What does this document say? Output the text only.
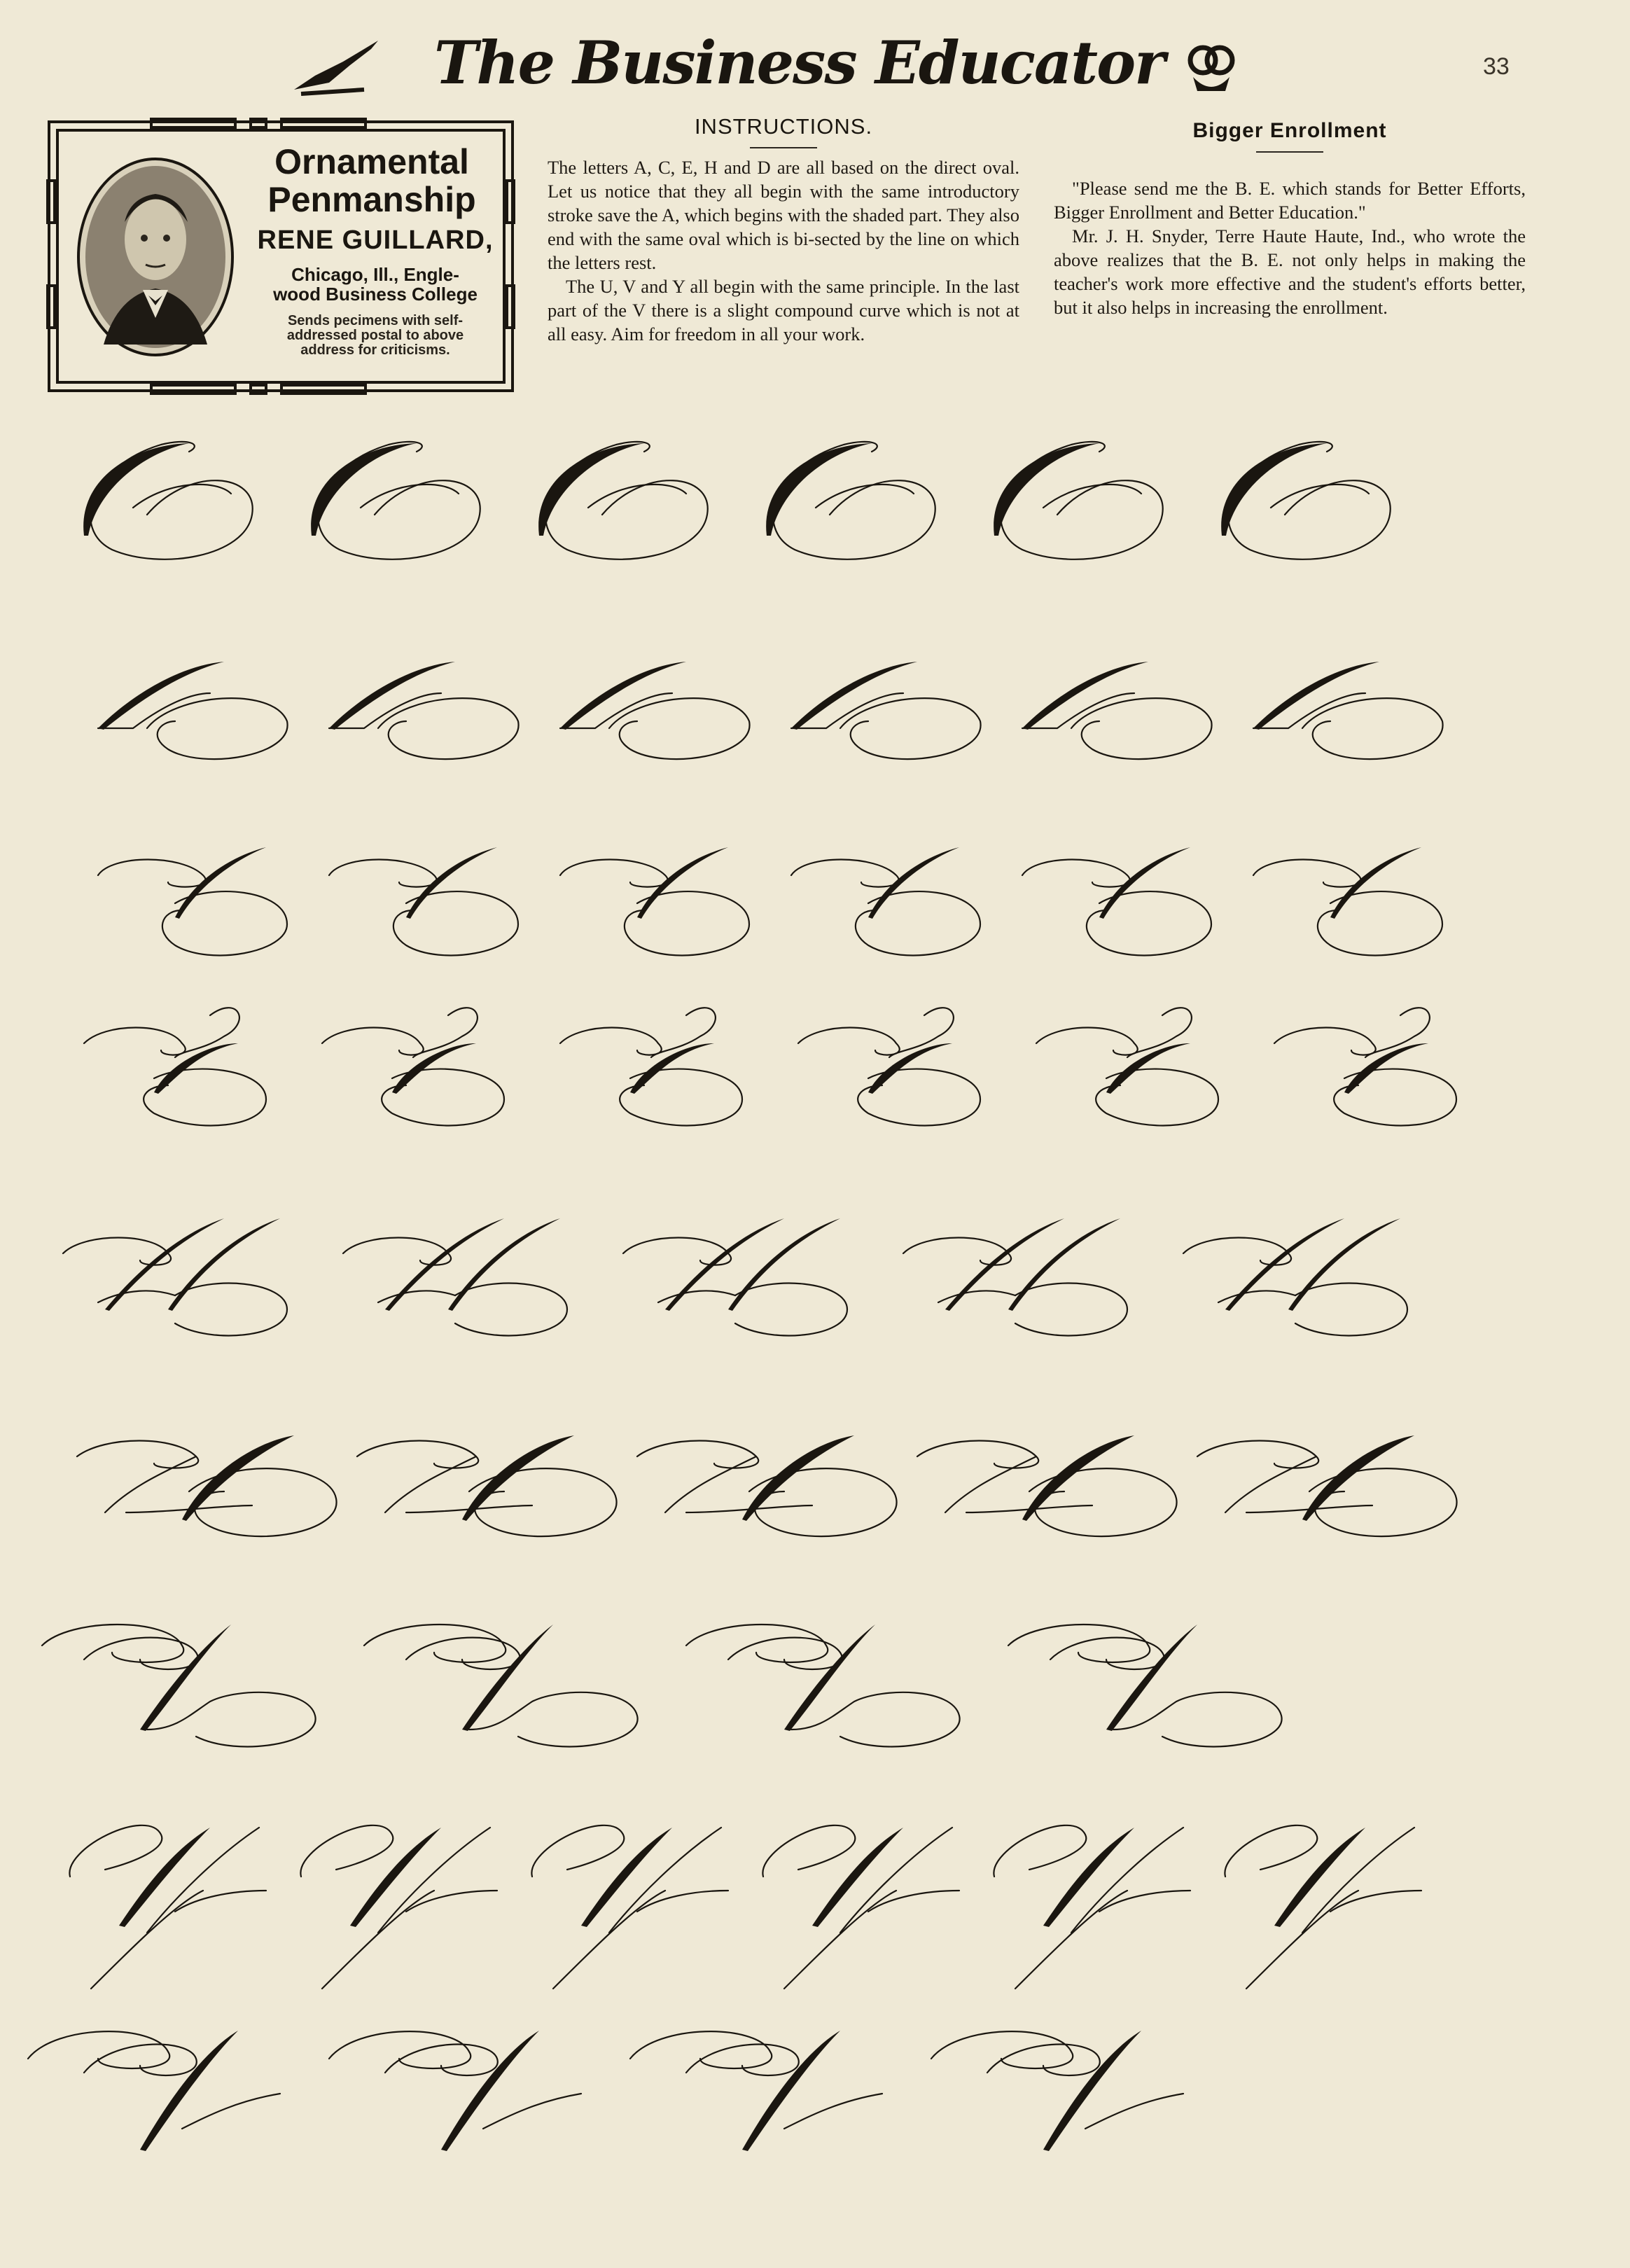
The Business Educator	33
Ornamental
Penmanship
RENE GUILLARD,
Chicago, Ill., Engle-
wood Business College
Sends pecimens with self-
addressed postal to above
address for criticisms.
INSTRUCTIONS.

The letters A, C, E, H and D are all based on the direct oval. Let us notice that they all begin with the same introductory stroke save the A, which begins with the shaded part. They also end with the same oval which is bi-sected by the line on which the letters rest.

The U, V and Y all begin with the same principle. In the last part of the V there is a slight compound curve which is not at all easy. Aim for freedom in all your work.

Bigger Enrollment

"Please send me the B. E. which stands for Better Efforts, Bigger Enrollment and Better Education."

Mr. J. H. Snyder, Terre Haute Haute, Ind., who wrote the above realizes that the B. E. not only helps in making the teacher's work more effective and the student's efforts better, but it also helps in increasing the enrollment.
